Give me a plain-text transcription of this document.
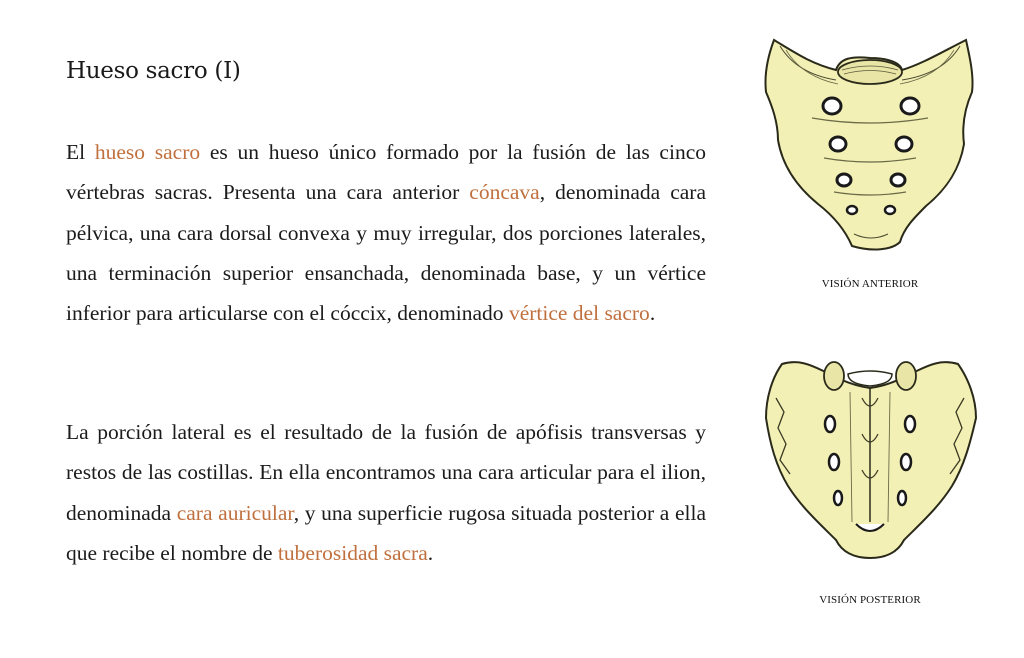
Hueso sacro (I)

El hueso sacro es un hueso único formado por la fusión de las cinco vértebras sacras. Presenta una cara anterior cóncava, denominada cara pélvica, una cara dorsal convexa y muy irregular, dos porciones laterales, una terminación superior ensanchada, denominada base, y un vértice inferior para articularse con el cóccix, denominado vértice del sacro.

La porción lateral es el resultado de la fusión de apófisis transversas y restos de las costillas. En ella encontramos una cara articular para el ilion, denominada cara auricular, y una superficie rugosa situada posterior a ella que recibe el nombre de tuberosidad sacra.

VISIÓN ANTERIOR
VISIÓN POSTERIOR
